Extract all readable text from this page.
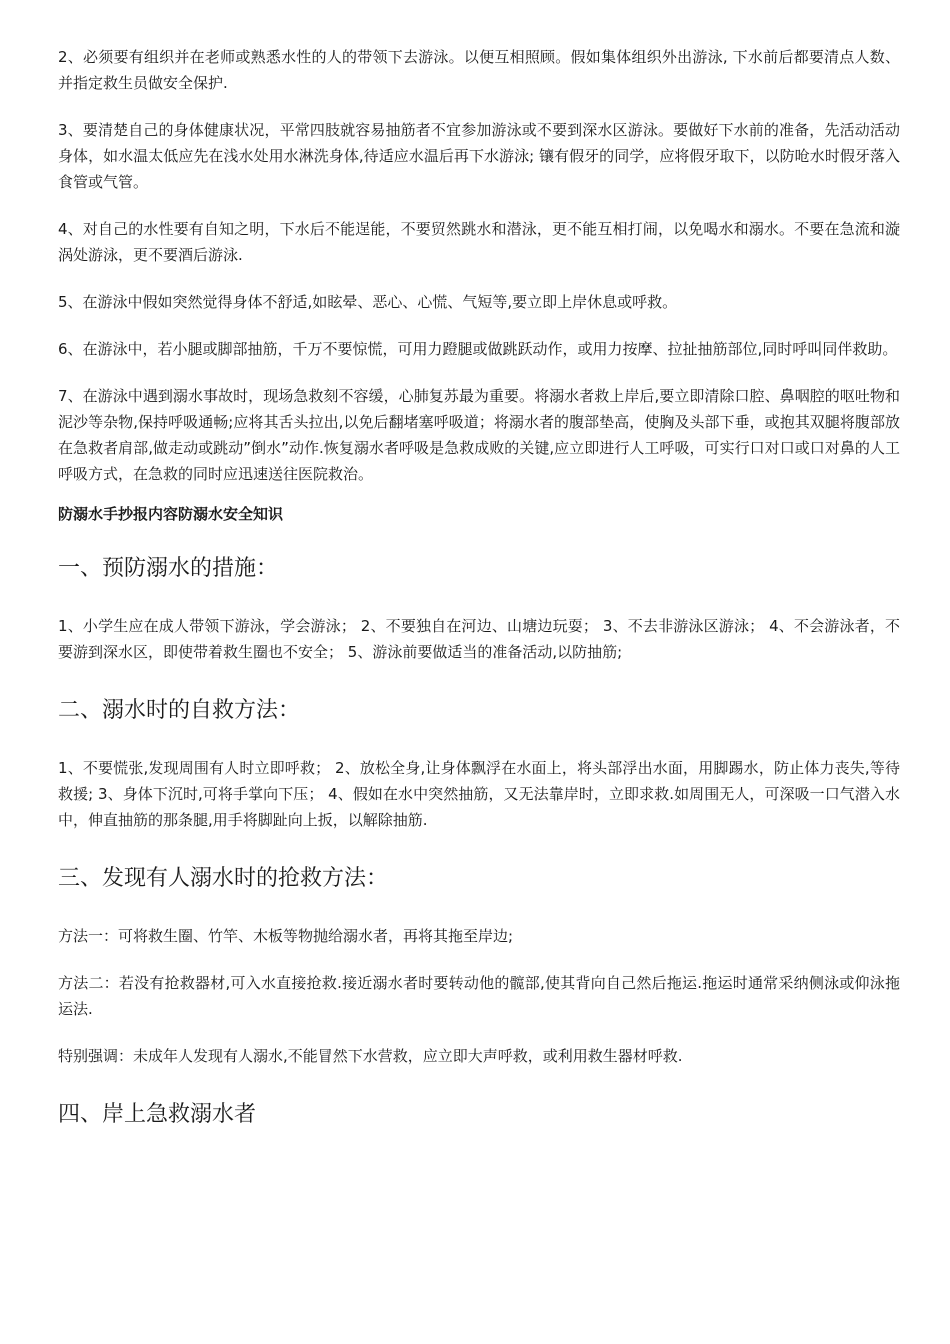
2、必须要有组织并在老师或熟悉水性的人的带领下去游泳。以便互相照顾。假如集体组织外出游泳, 下水前后都要清点人数、并指定救生员做安全保护.

3、要清楚自己的身体健康状况，平常四肢就容易抽筋者不宜参加游泳或不要到深水区游泳。要做好下水前的准备，先活动活动身体，如水温太低应先在浅水处用水淋洗身体,待适应水温后再下水游泳; 镶有假牙的同学，应将假牙取下，以防呛水时假牙落入食管或气管。

4、对自己的水性要有自知之明，下水后不能逞能，不要贸然跳水和潜泳，更不能互相打闹，以免喝水和溺水。不要在急流和漩涡处游泳，更不要酒后游泳.

5、在游泳中假如突然觉得身体不舒适,如眩晕、恶心、心慌、气短等,要立即上岸休息或呼救。

6、在游泳中，若小腿或脚部抽筋，千万不要惊慌，可用力蹬腿或做跳跃动作，或用力按摩、拉扯抽筋部位,同时呼叫同伴救助。

7、在游泳中遇到溺水事故时，现场急救刻不容缓，心肺复苏最为重要。将溺水者救上岸后,要立即清除口腔、鼻咽腔的呕吐物和泥沙等杂物,保持呼吸通畅;应将其舌头拉出,以免后翻堵塞呼吸道；将溺水者的腹部垫高，使胸及头部下垂，或抱其双腿将腹部放在急救者肩部,做走动或跳动”倒水”动作.恢复溺水者呼吸是急救成败的关键,应立即进行人工呼吸，可实行口对口或口对鼻的人工呼吸方式，在急救的同时应迅速送往医院救治。

防溺水手抄报内容防溺水安全知识

一、预防溺水的措施：

1、小学生应在成人带领下游泳，学会游泳； 2、不要独自在河边、山塘边玩耍； 3、不去非游泳区游泳； 4、不会游泳者，不要游到深水区，即使带着救生圈也不安全； 5、游泳前要做适当的准备活动,以防抽筋;

二、溺水时的自救方法：

1、不要慌张,发现周围有人时立即呼救； 2、放松全身,让身体飘浮在水面上，将头部浮出水面，用脚踢水，防止体力丧失,等待救援; 3、身体下沉时,可将手掌向下压； 4、假如在水中突然抽筋，又无法靠岸时，立即求救.如周围无人，可深吸一口气潜入水中，伸直抽筋的那条腿,用手将脚趾向上扳，以解除抽筋.

三、发现有人溺水时的抢救方法：

方法一：可将救生圈、竹竿、木板等物抛给溺水者，再将其拖至岸边;

方法二：若没有抢救器材,可入水直接抢救.接近溺水者时要转动他的髋部,使其背向自己然后拖运.拖运时通常采纳侧泳或仰泳拖运法.

特别强调：未成年人发现有人溺水,不能冒然下水营救，应立即大声呼救，或利用救生器材呼救.

四、岸上急救溺水者
